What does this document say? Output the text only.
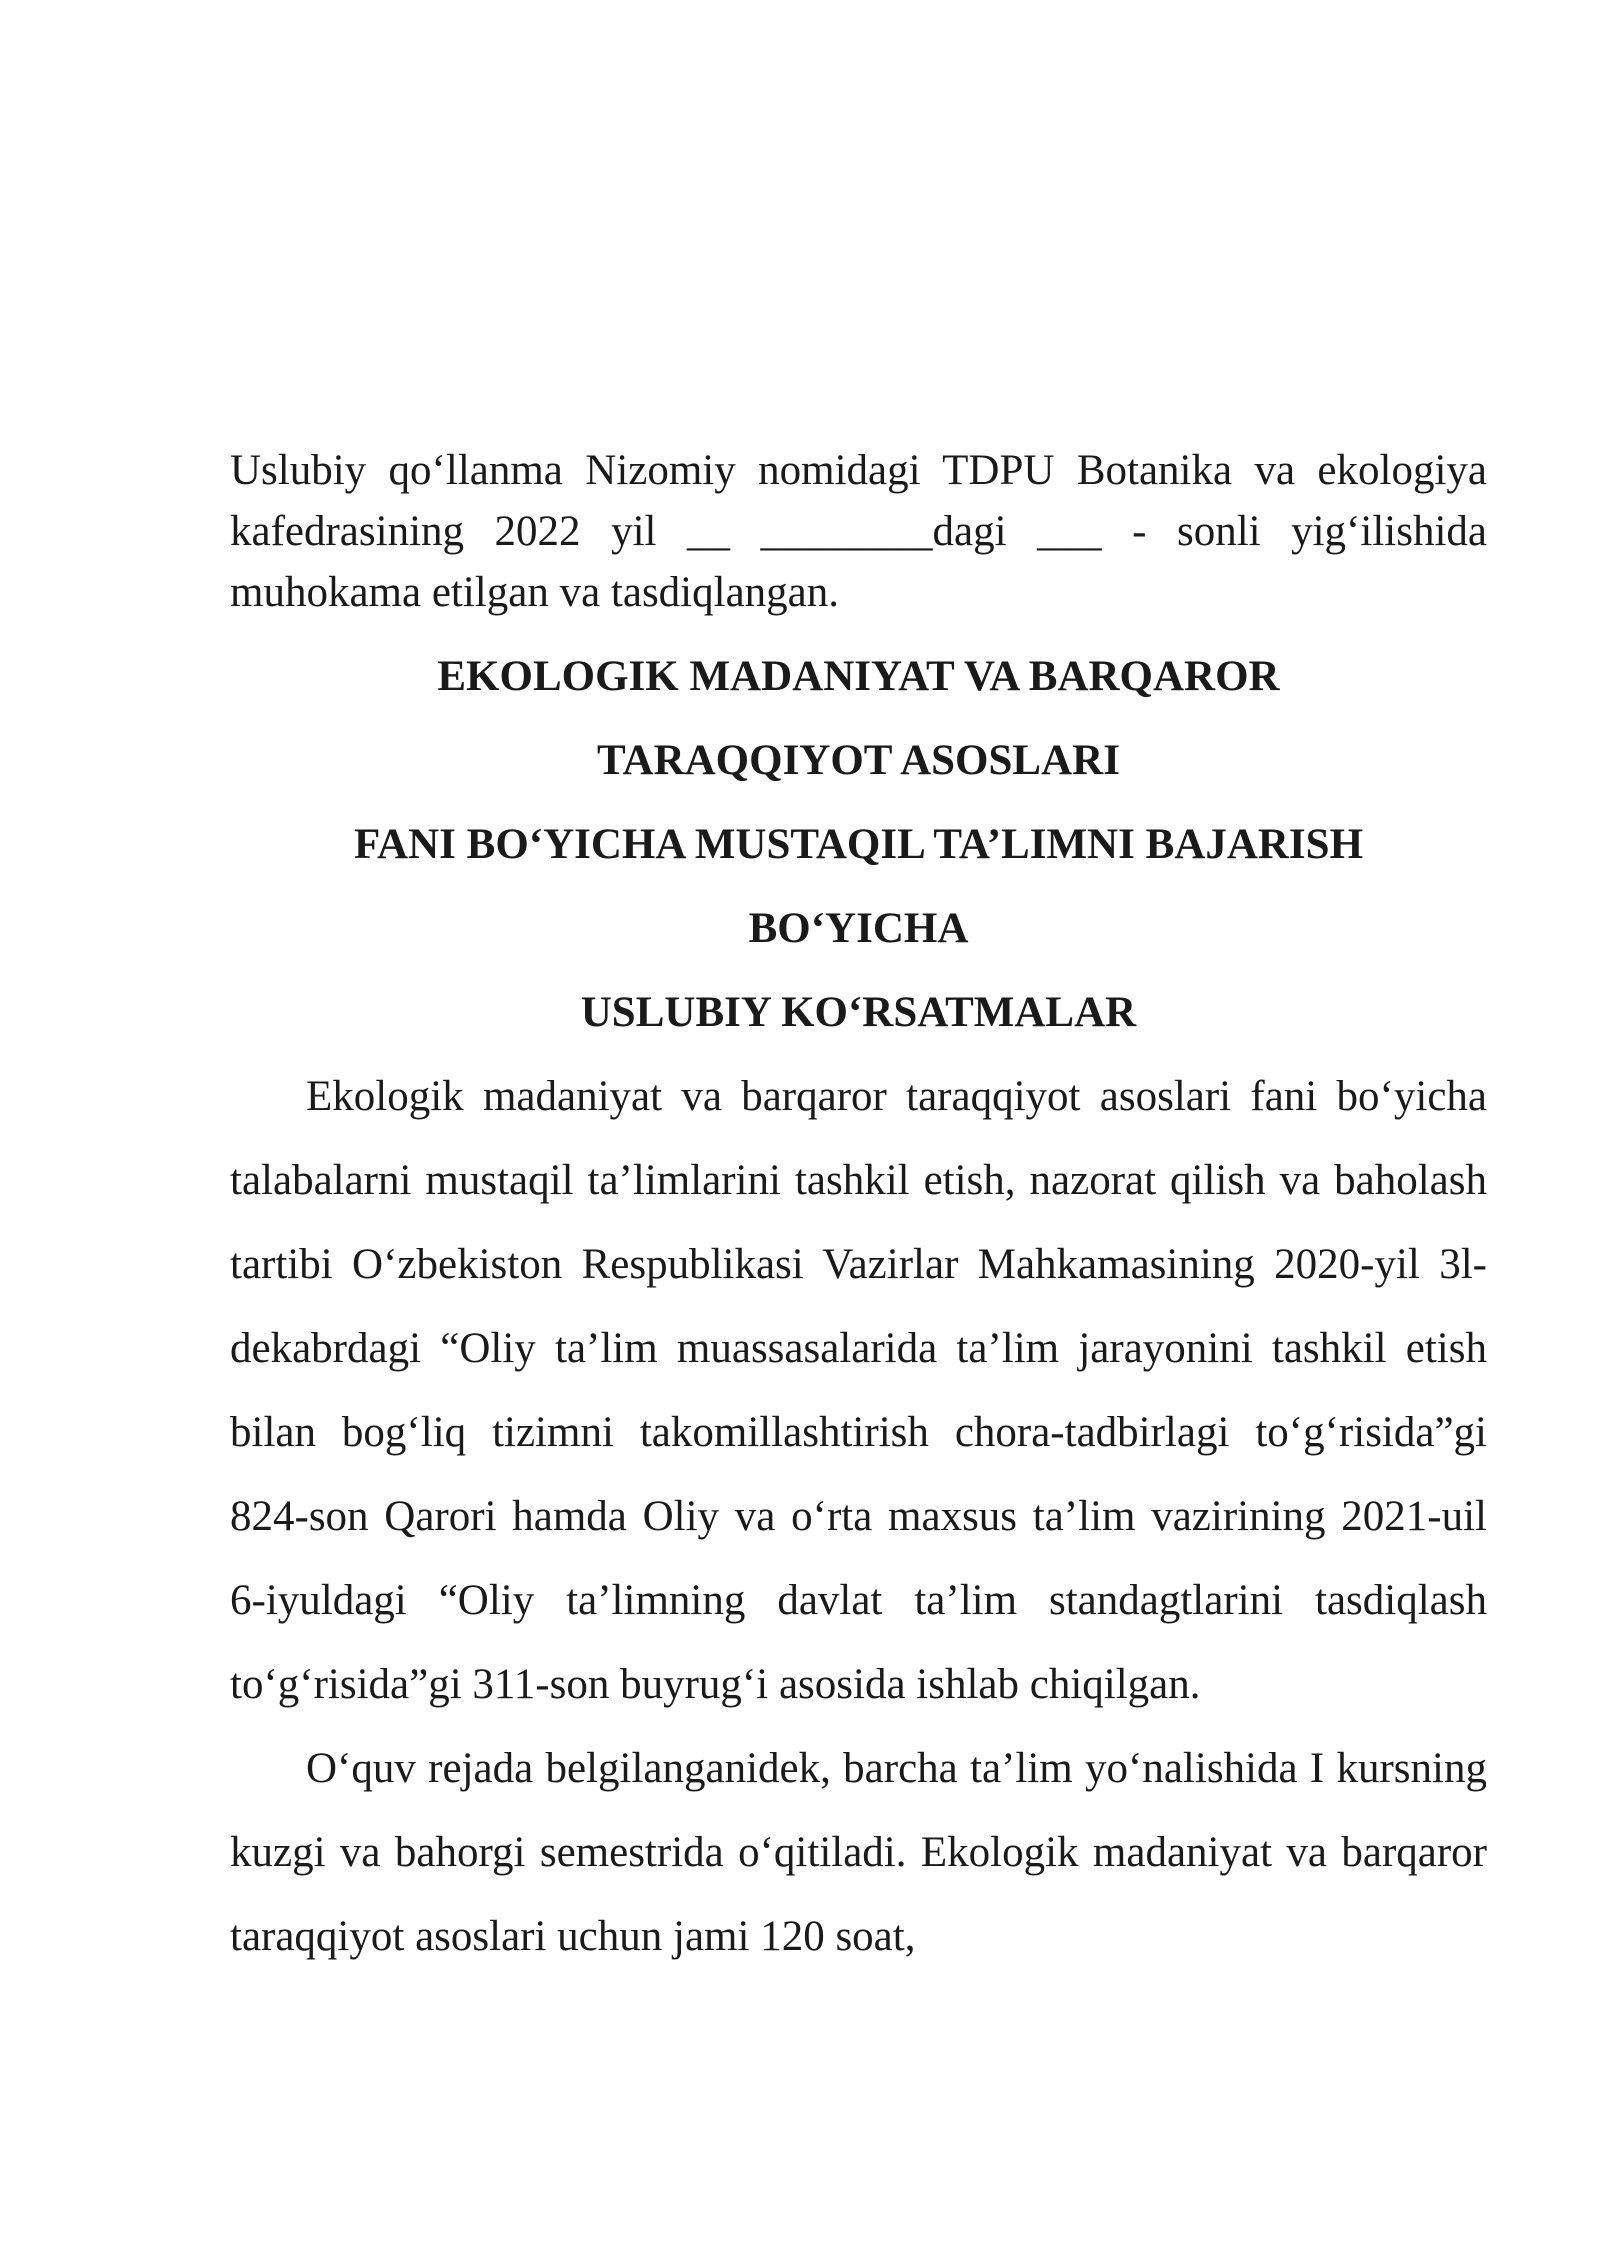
Uslubiy qo‘llanma Nizomiy nomidagi TDPU Botanika va ekologiya kafedrasining 2022 yil __ ________dagi ___ - sonli yig‘ilishida muhokama etilgan va tasdiqlangan.

EKOLOGIK MADANIYAT VA BARQAROR
TARAQQIYOT ASOSLARI
FANI BO‘YICHA MUSTAQIL TA’LIMNI BAJARISH
BO‘YICHA
USLUBIY KO‘RSATMALAR

Ekologik madaniyat va barqaror taraqqiyot asoslari fani bo‘yicha talabalarni mustaqil ta’limlarini tashkil etish, nazorat qilish va baholash tartibi O‘zbekiston Respublikasi Vazirlar Mahkamasining 2020-yil 3l-dekabrdagi “Oliy ta’lim muassasalarida ta’lim jarayonini tashkil etish bilan bog‘liq tizimni takomillashtirish chora-tadbirlagi to‘g‘risida”gi 824-son Qarori hamda Oliy va o‘rta maxsus ta’lim vazirining 2021-uil 6-iyuldagi “Oliy ta’limning davlat ta’lim standagtlarini tasdiqlash to‘g‘risida”gi 311-son buyrug‘i asosida ishlab chiqilgan.

O‘quv rejada belgilanganidek, barcha ta’lim yo‘nalishida I kursning kuzgi va bahorgi semestrida o‘qitiladi. Ekologik madaniyat va barqaror taraqqiyot asoslari uchun jami 120 soat,
